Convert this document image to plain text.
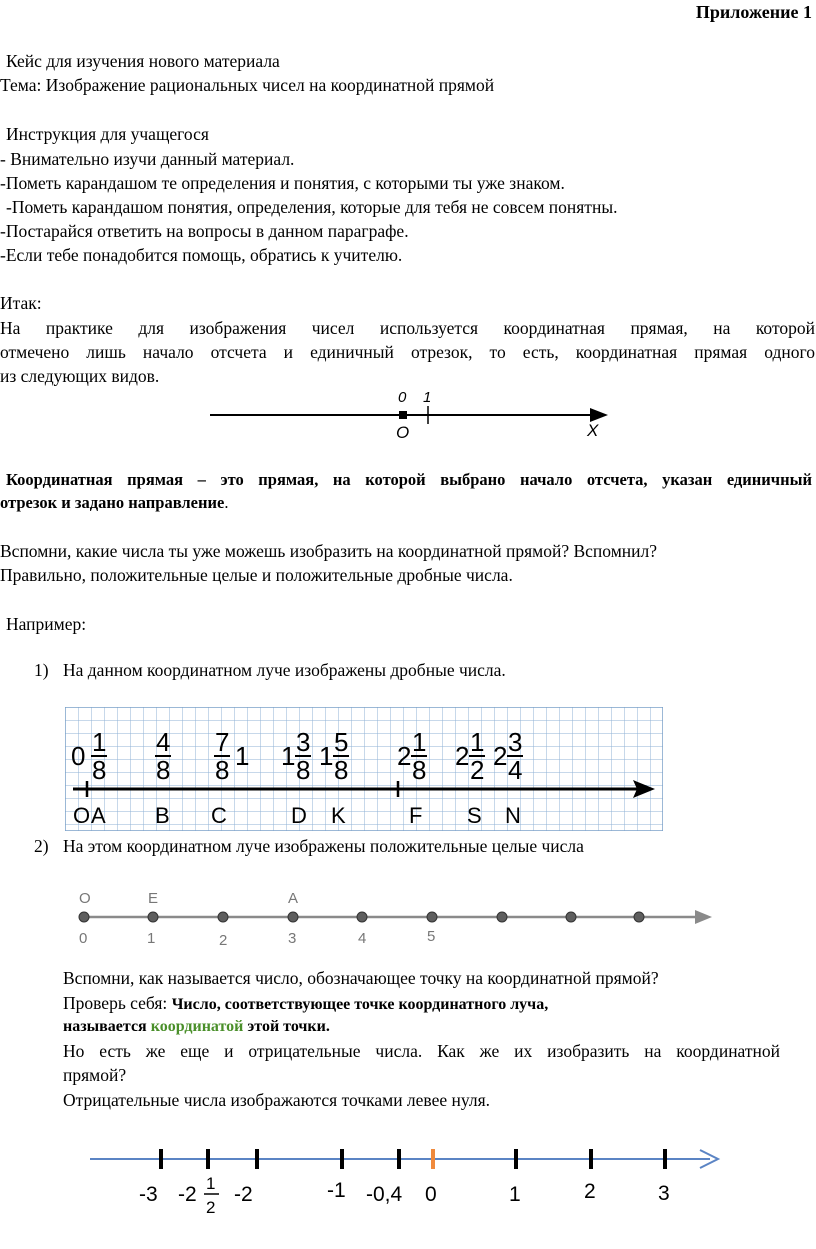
Приложение 1
Кейс для изучения нового материала
Тема: Изображение рациональных чисел на координатной прямой
Инструкция для учащегося
- Внимательно изучи данный материал.
-Пометь карандашом те определения и понятия, с которыми ты уже знаком.
-Пометь карандашом понятия, определения, которые для тебя не совсем понятны.
-Постарайся ответить на вопросы в данном параграфе.
-Если тебе понадобится помощь, обратись к учителю.
Итак:
На практике для изображения чисел используется координатная прямая, на которой
отмечено лишь начало отсчета и единичный отрезок, то есть, координатная прямая одного
из следующих видов.
0 1
O	X
Координатная прямая – это прямая, на которой выбрано начало отсчета, указан единичный
отрезок и задано направление.
Вспомни, какие числа ты уже можешь изобразить на координатной прямой? Вспомнил?
Правильно, положительные целые и положительные дробные числа.
Например:
1) На данном координатном луче изображены дробные числа.
$0 \frac{1}{8} \frac{4}{8} \frac{7}{8} 1$ $1 \frac{3}{8} 1 \frac{5}{8} 2 \frac{1}{8} 2 \frac{1}{2} 2 \frac{3}{4}$
O A B C	D K	F S N
2) На этом координатном луче изображены положительные целые числа
O	E	A
0	1	2	3	4	5
Вспомни, как называется число, обозначающее точку на координатной прямой?
Проверь себя: Число, соответствующее точке координатного луча,
называется координатой этой точки.
Но есть же еще и отрицательные числа. Как же их изобразить на координатной
прямой?
Отрицательные числа изображаются точками левее нуля.
-3 -2 1
2
-2	-1 -0,4 0	1	2	3
